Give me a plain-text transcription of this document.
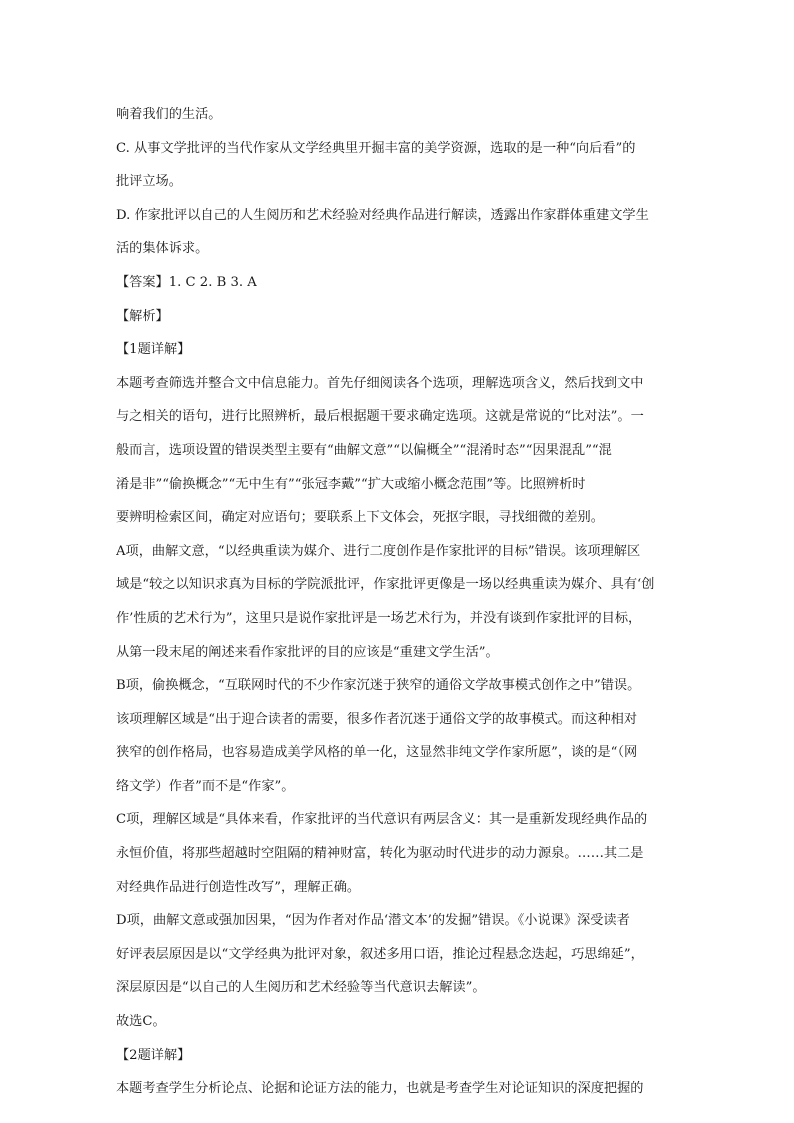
响着我们的生活。
C. 从事文学批评的当代作家从文学经典里开掘丰富的美学资源，选取的是一种“向后看”的
批评立场。
D. 作家批评以自己的人生阅历和艺术经验对经典作品进行解读，透露出作家群体重建文学生
活的集体诉求。
【答案】1. C 2. B 3. A
【解析】
【1题详解】
本题考查筛选并整合文中信息能力。首先仔细阅读各个选项，理解选项含义，然后找到文中
与之相关的语句，进行比照辨析，最后根据题干要求确定选项。这就是常说的“比对法”。一
般而言，选项设置的错误类型主要有“曲解文意”“以偏概全”“混淆时态”“因果混乱”“混
淆是非”“偷换概念”“无中生有”“张冠李戴”“扩大或缩小概念范围”等。比照辨析时
要辨明检索区间，确定对应语句；要联系上下文体会，死抠字眼，寻找细微的差别。
A项，曲解文意，“以经典重读为媒介、进行二度创作是作家批评的目标”错误。该项理解区
域是“较之以知识求真为目标的学院派批评，作家批评更像是一场以经典重读为媒介、具有‘创
作’性质的艺术行为”，这里只是说作家批评是一场艺术行为，并没有谈到作家批评的目标，
从第一段末尾的阐述来看作家批评的目的应该是“重建文学生活”。
B项，偷换概念，“互联网时代的不少作家沉迷于狭窄的通俗文学故事模式创作之中”错误。
该项理解区域是“出于迎合读者的需要，很多作者沉迷于通俗文学的故事模式。而这种相对
狭窄的创作格局，也容易造成美学风格的单一化，这显然非纯文学作家所愿”，谈的是“（网
络文学）作者”而不是“作家”。
C项，理解区域是“具体来看，作家批评的当代意识有两层含义：其一是重新发现经典作品的
永恒价值，将那些超越时空阻隔的精神财富，转化为驱动时代进步的动力源泉。……其二是
对经典作品进行创造性改写”，理解正确。
D项，曲解文意或强加因果，“因为作者对作品‘潜文本’的发掘”错误。《小说课》深受读者
好评表层原因是以“文学经典为批评对象，叙述多用口语，推论过程悬念迭起，巧思绵延”，
深层原因是“以自己的人生阅历和艺术经验等当代意识去解读”。
故选C。
【2题详解】
本题考查学生分析论点、论据和论证方法的能力，也就是考查学生对论证知识的深度把握的
